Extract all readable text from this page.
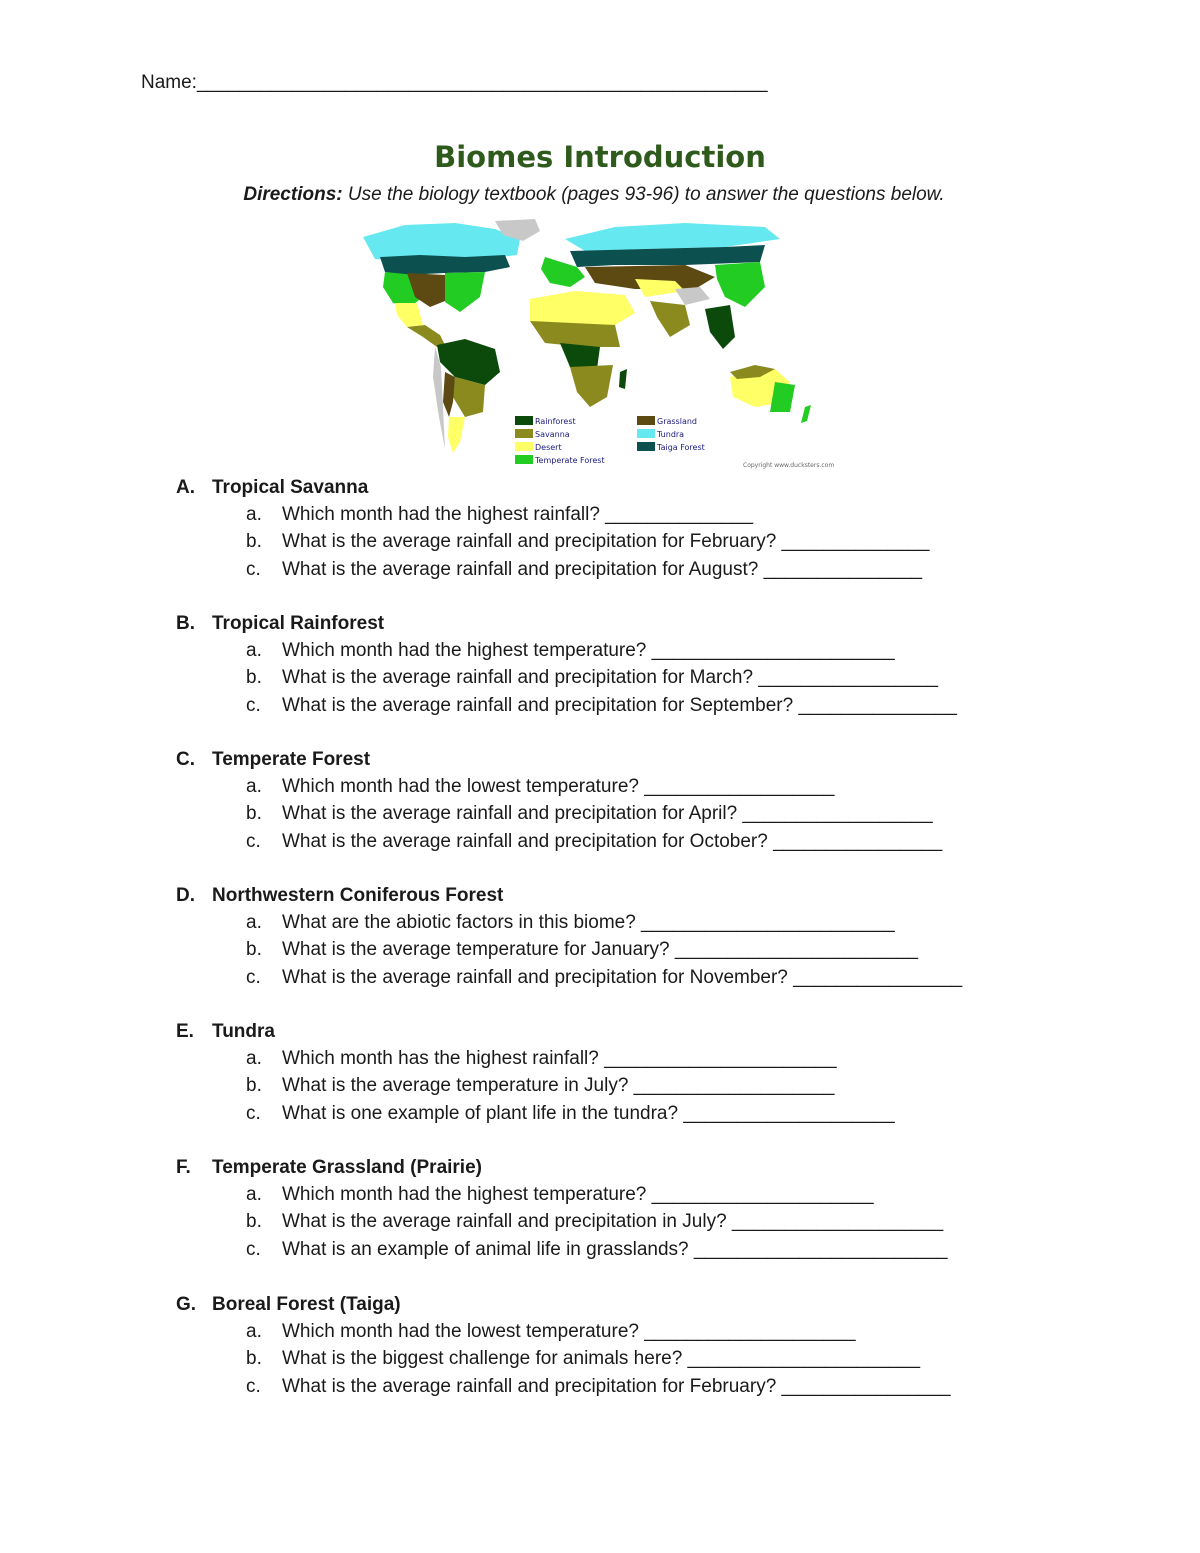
Name:______________________________________________________
Biomes Introduction
Directions: Use the biology textbook (pages 93-96) to answer the questions below.
Rainforest
Savanna
Desert
Temperate Forest
Grassland
Tundra
Taiga Forest
Copyright www.ducksters.com
A. Tropical Savanna
a. Which month had the highest rainfall? ______________
b. What is the average rainfall and precipitation for February? ______________
c. What is the average rainfall and precipitation for August? _______________
B. Tropical Rainforest
a. Which month had the highest temperature? _______________________
b. What is the average rainfall and precipitation for March? _________________
c. What is the average rainfall and precipitation for September? _______________
C. Temperate Forest
a. Which month had the lowest temperature? __________________
b. What is the average rainfall and precipitation for April? __________________
c. What is the average rainfall and precipitation for October? ________________
D. Northwestern Coniferous Forest
a. What are the abiotic factors in this biome? ________________________
b. What is the average temperature for January? _______________________
c. What is the average rainfall and precipitation for November? ________________
E. Tundra
a. Which month has the highest rainfall? ______________________
b. What is the average temperature in July? ___________________
c. What is one example of plant life in the tundra? ____________________
F. Temperate Grassland (Prairie)
a. Which month had the highest temperature? _____________________
b. What is the average rainfall and precipitation in July? ____________________
c. What is an example of animal life in grasslands? ________________________
G. Boreal Forest (Taiga)
a. Which month had the lowest temperature? ____________________
b. What is the biggest challenge for animals here? ______________________
c. What is the average rainfall and precipitation for February? ________________
